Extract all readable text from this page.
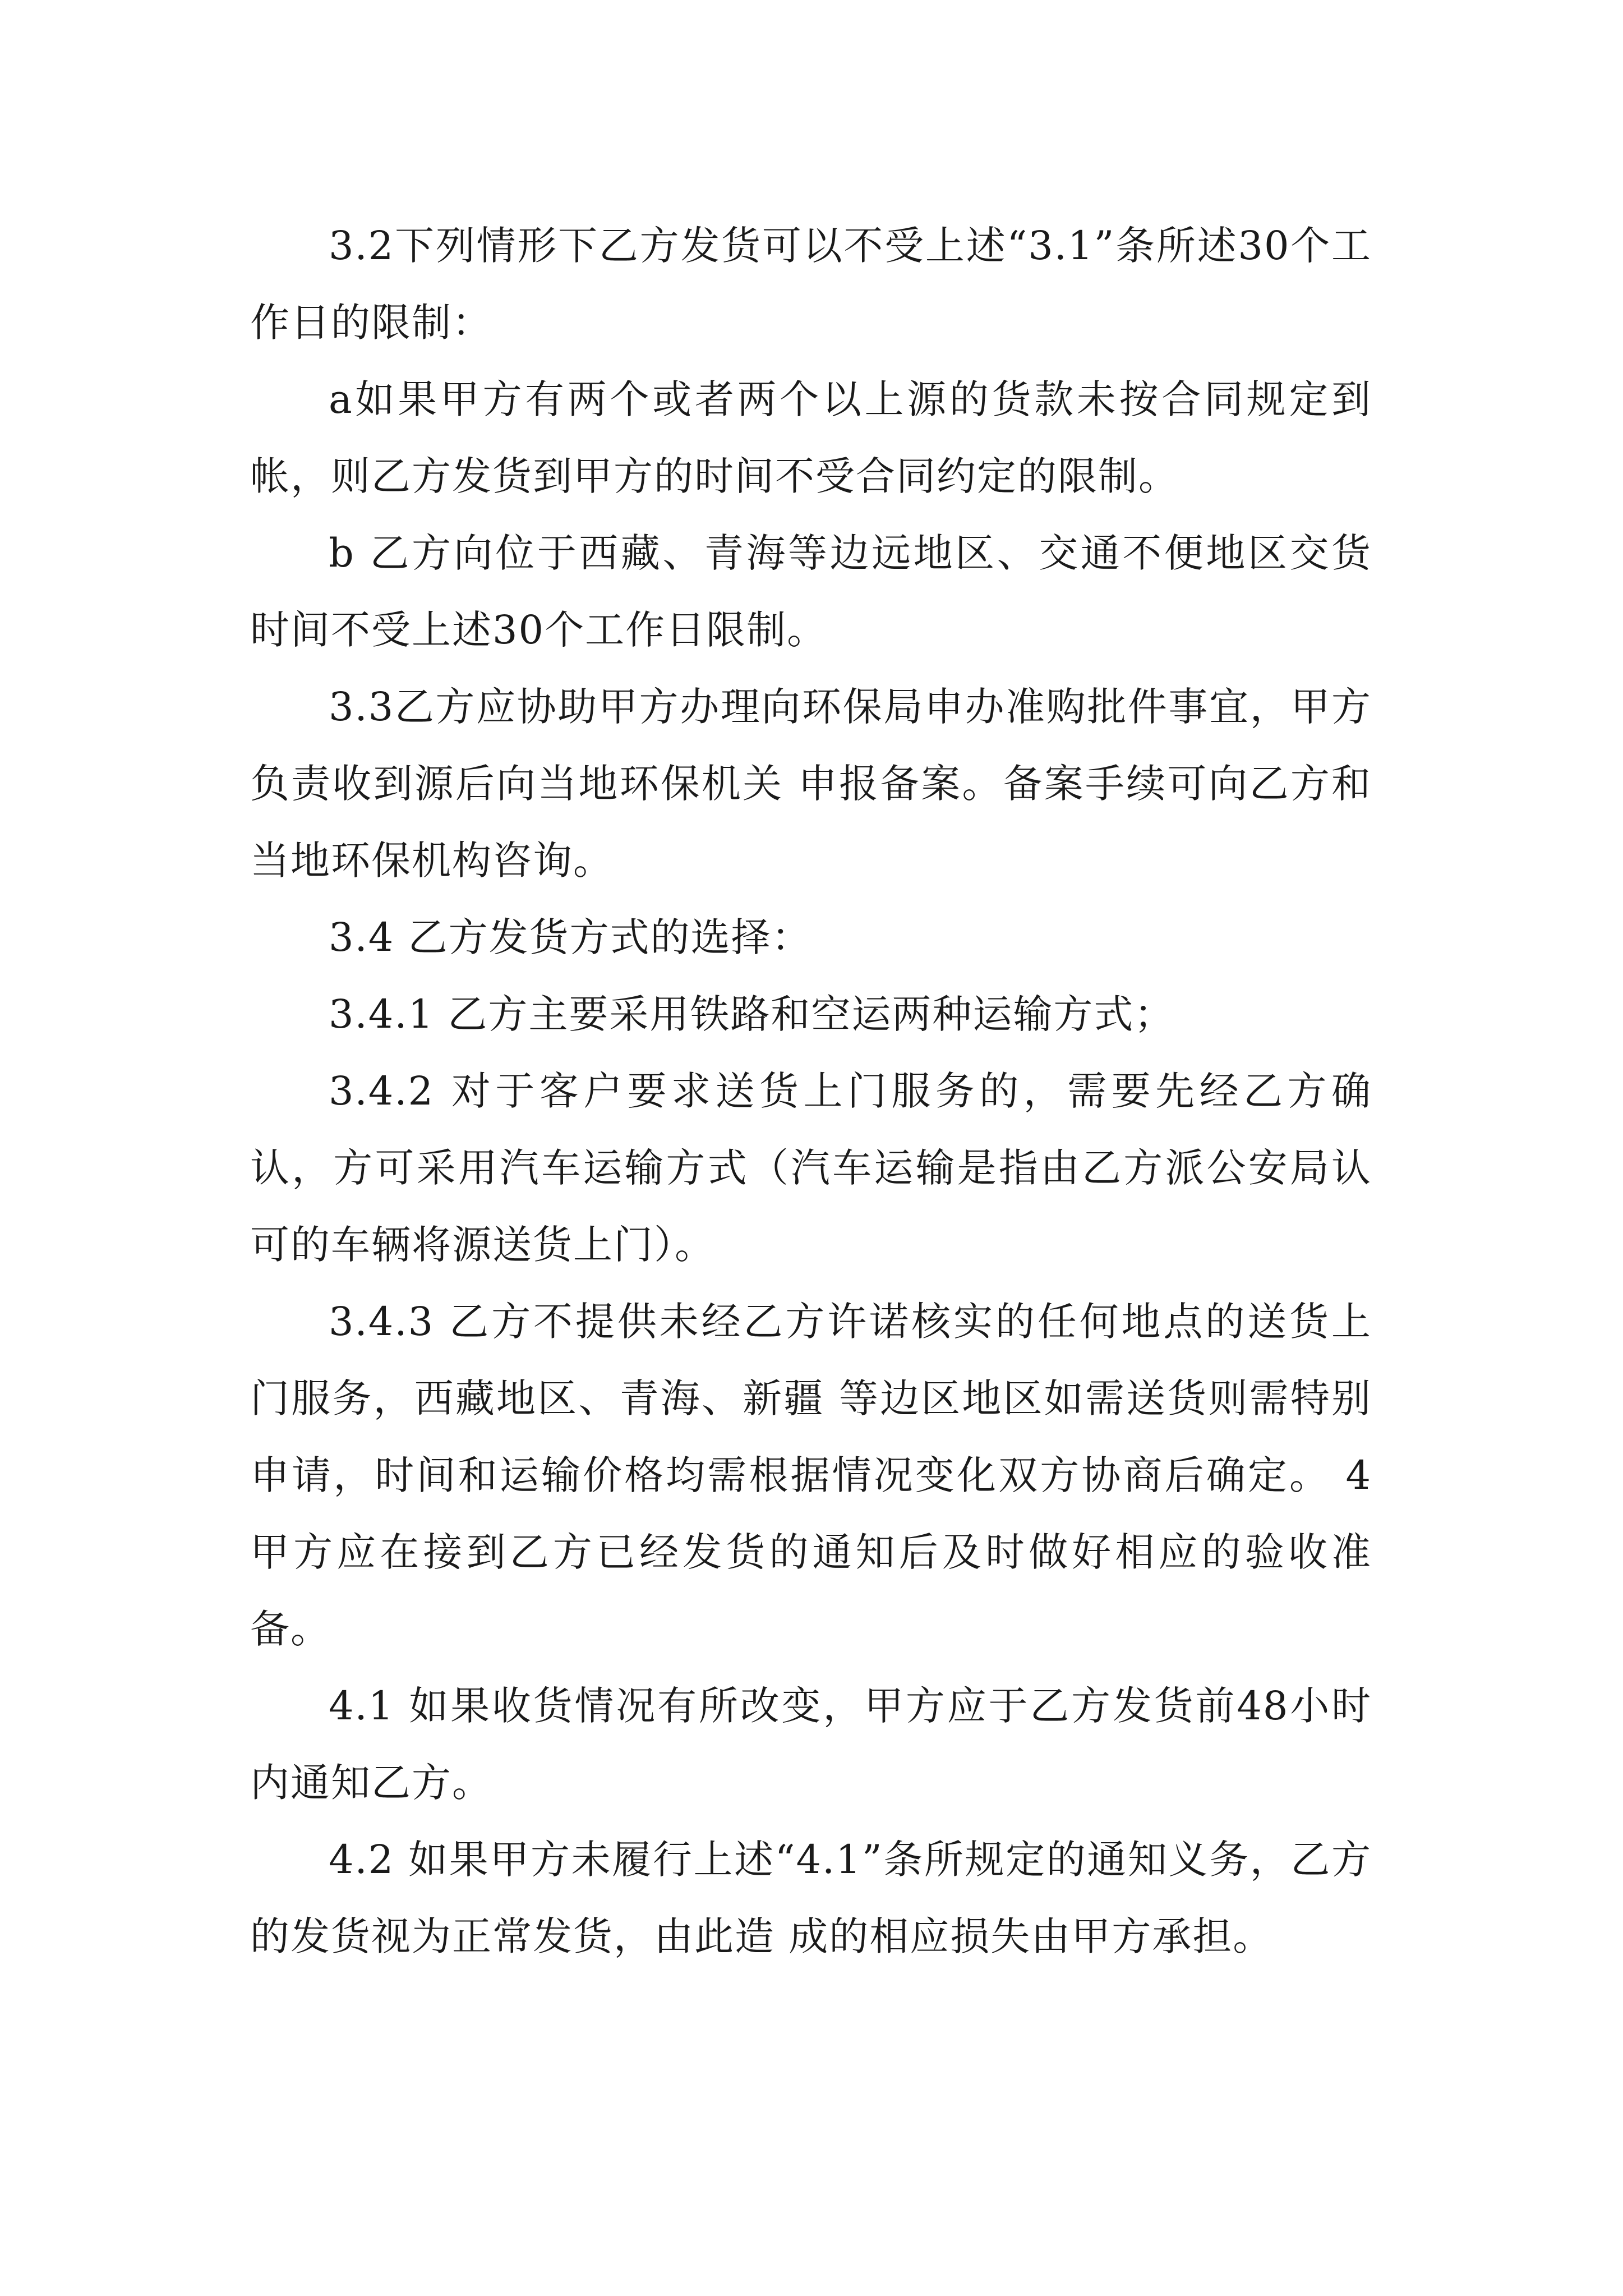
3.2下列情形下乙方发货可以不受上述“3.1”条所述30个工作日的限制：

a如果甲方有两个或者两个以上源的货款未按合同规定到帐，则乙方发货到甲方的时间不受合同约定的限制。

b 乙方向位于西藏、青海等边远地区、交通不便地区交货时间不受上述30个工作日限制。

3.3乙方应协助甲方办理向环保局申办准购批件事宜，甲方负责收到源后向当地环保机关 申报备案。备案手续可向乙方和当地环保机构咨询。

3.4 乙方发货方式的选择：

3.4.1 乙方主要采用铁路和空运两种运输方式；

3.4.2 对于客户要求送货上门服务的，需要先经乙方确认，方可采用汽车运输方式（汽车运输是指由乙方派公安局认可的车辆将源送货上门）。

3.4.3 乙方不提供未经乙方许诺核实的任何地点的送货上门服务，西藏地区、青海、新疆 等边区地区如需送货则需特别申请，时间和运输价格均需根据情况变化双方协商后确定。 4 甲方应在接到乙方已经发货的通知后及时做好相应的验收准备。

4.1 如果收货情况有所改变，甲方应于乙方发货前48小时内通知乙方。

4.2 如果甲方未履行上述“4.1”条所规定的通知义务，乙方的发货视为正常发货，由此造 成的相应损失由甲方承担。
